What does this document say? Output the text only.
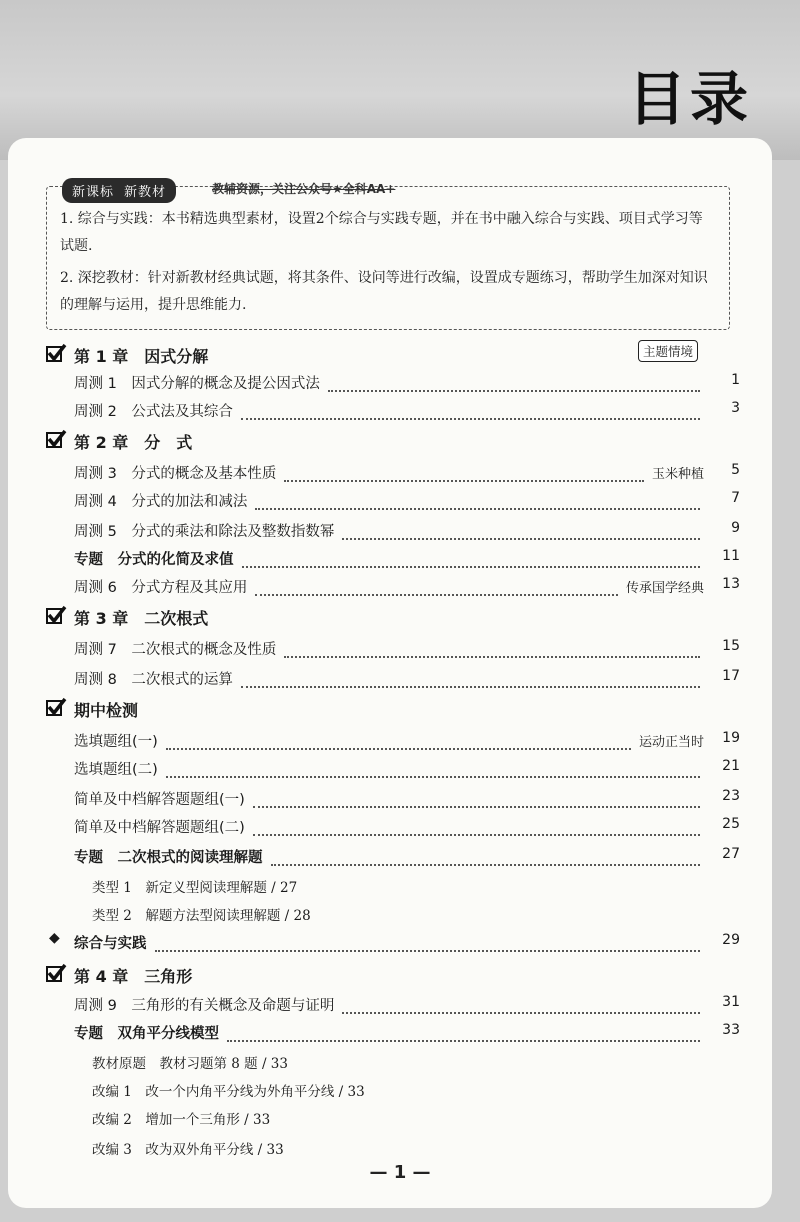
目录
新课标 新教材	教辅资源，关注公众号★全科AA+
1. 综合与实践：本书精选典型素材，设置2个综合与实践专题，并在书中融入综合与实践、项目式学习等试题.
2. 深挖教材：针对新教材经典试题，将其条件、设问等进行改编，设置成专题练习，帮助学生加深对知识的理解与运用，提升思维能力.
主题情境
第 1 章　因式分解
周测 1　因式分解的概念及提公因式法	1
周测 2　公式法及其综合	3
第 2 章　分　式
周测 3　分式的概念及基本性质	玉米种植 5
周测 4　分式的加法和减法	7
周测 5　分式的乘法和除法及整数指数幂	9
专题　分式的化简及求值	11
周测 6　分式方程及其应用	传承国学经典 13
第 3 章　二次根式
周测 7　二次根式的概念及性质	15
周测 8　二次根式的运算	17
期中检测
选填题组(一)	运动正当时 19
选填题组(二)	21
简单及中档解答题题组(一)	23
简单及中档解答题题组(二)	25
专题　二次根式的阅读理解题	27
类型 1　新定义型阅读理解题 / 27
类型 2　解题方法型阅读理解题 / 28
◆ 综合与实践	29
第 4 章　三角形
周测 9　三角形的有关概念及命题与证明	31
专题　双角平分线模型	33
教材原题　教材习题第 8 题 / 33
改编 1　改一个内角平分线为外角平分线 / 33
改编 2　增加一个三角形 / 33
改编 3　改为双外角平分线 / 33
— 1 —
